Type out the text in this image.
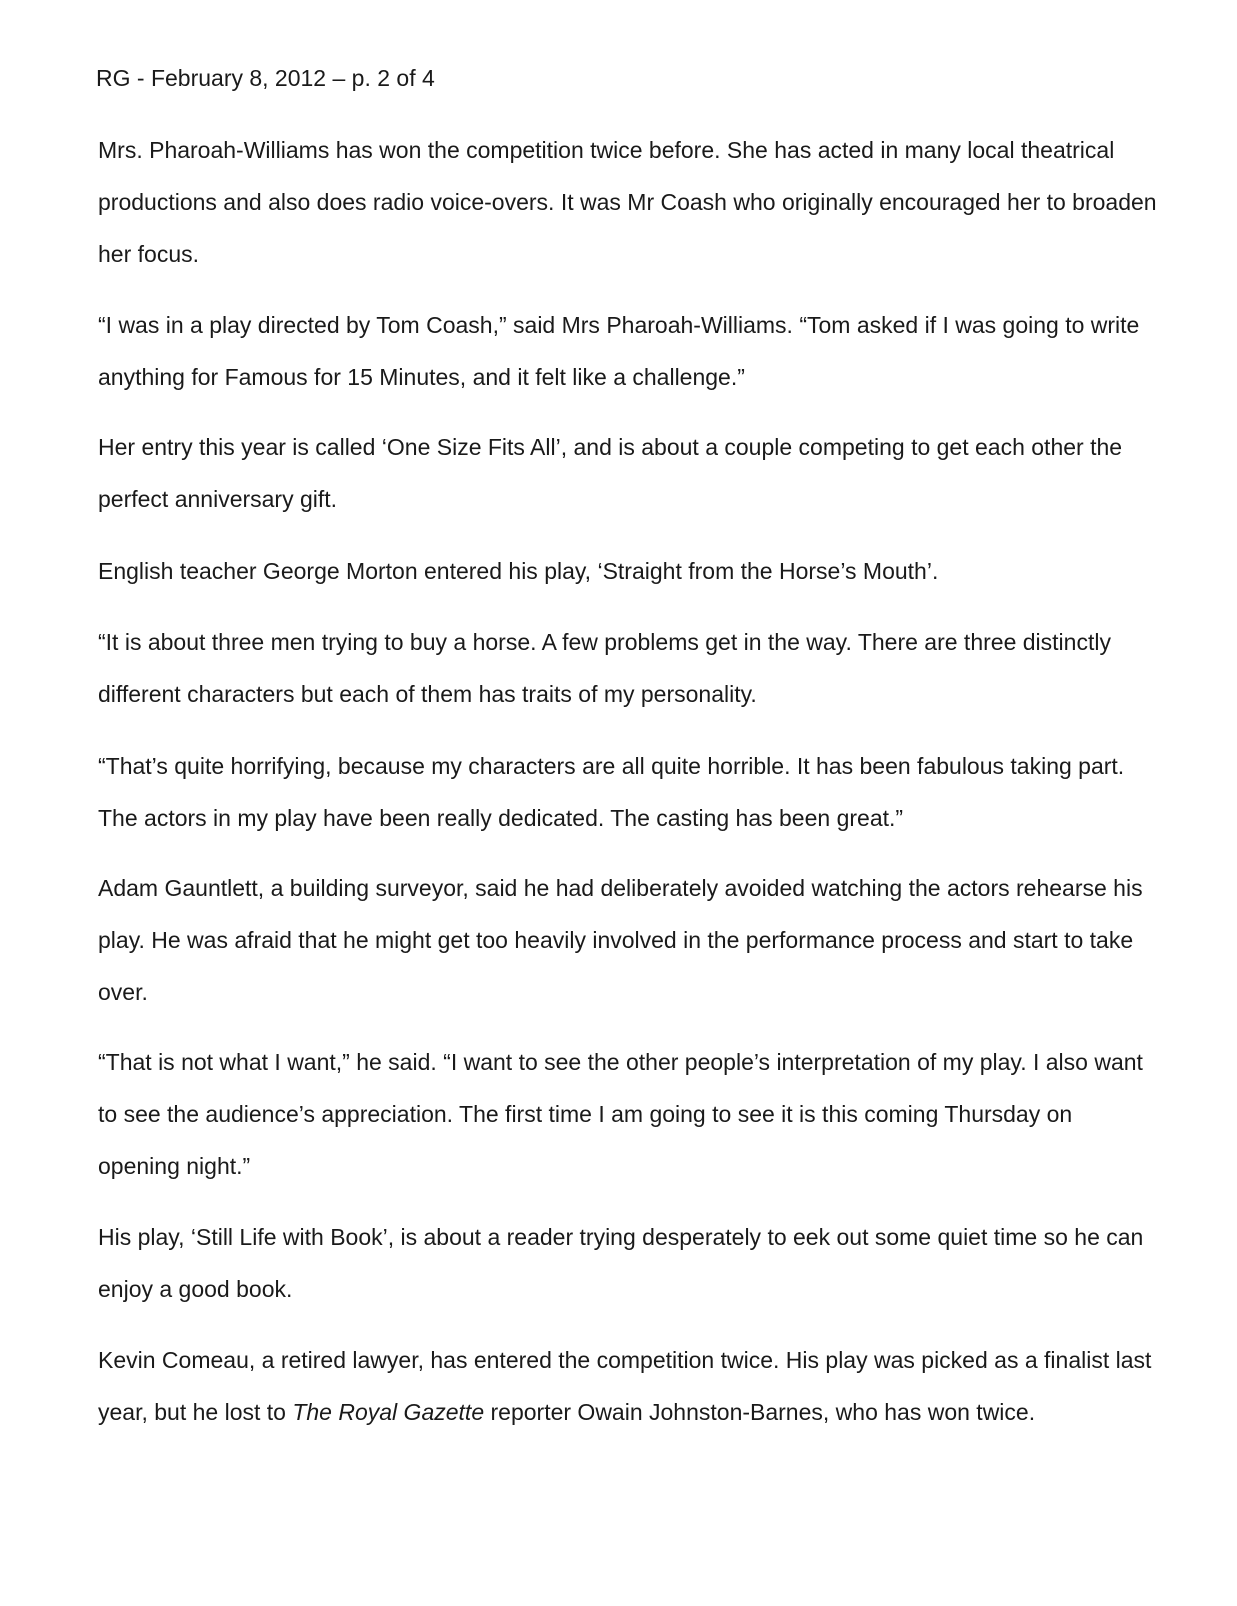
RG - February 8, 2012 – p. 2 of 4

Mrs. Pharoah-Williams has won the competition twice before. She has acted in many local theatrical productions and also does radio voice-overs. It was Mr Coash who originally encouraged her to broaden her focus.

“I was in a play directed by Tom Coash,” said Mrs Pharoah-Williams. “Tom asked if I was going to write anything for Famous for 15 Minutes, and it felt like a challenge.”

Her entry this year is called ‘One Size Fits All’, and is about a couple competing to get each other the perfect anniversary gift.

English teacher George Morton entered his play, ‘Straight from the Horse’s Mouth’.

“It is about three men trying to buy a horse. A few problems get in the way. There are three distinctly different characters but each of them has traits of my personality.

“That’s quite horrifying, because my characters are all quite horrible. It has been fabulous taking part. The actors in my play have been really dedicated. The casting has been great.”

Adam Gauntlett, a building surveyor, said he had deliberately avoided watching the actors rehearse his play. He was afraid that he might get too heavily involved in the performance process and start to take over.

“That is not what I want,” he said. “I want to see the other people’s interpretation of my play. I also want to see the audience’s appreciation. The first time I am going to see it is this coming Thursday on opening night.”

His play, ‘Still Life with Book’, is about a reader trying desperately to eek out some quiet time so he can enjoy a good book.

Kevin Comeau, a retired lawyer, has entered the competition twice. His play was picked as a finalist last year, but he lost to The Royal Gazette reporter Owain Johnston-Barnes, who has won twice.
